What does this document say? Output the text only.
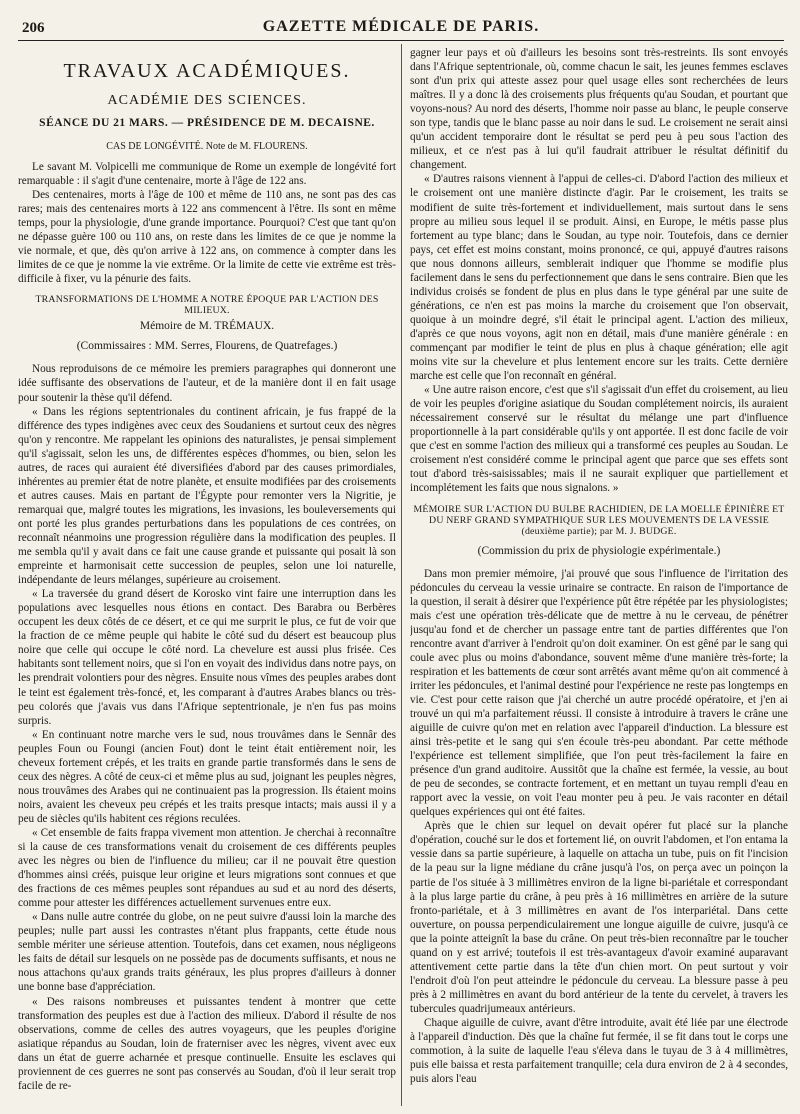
206	GAZETTE MÉDICALE DE PARIS.
TRAVAUX ACADÉMIQUES.
ACADÉMIE DES SCIENCES.
SÉANCE DU 21 MARS. — PRÉSIDENCE DE M. DECAISNE.
CAS DE LONGÉVITÉ. Note de M. FLOURENS.

Le savant M. Volpicelli me communique de Rome un exemple de longévité fort remarquable : il s'agit d'une centenaire, morte à l'âge de 122 ans.

Des centenaires, morts à l'âge de 100 et même de 110 ans, ne sont pas des cas rares; mais des centenaires morts à 122 ans commencent à l'être. Ils sont en même temps, pour la physiologie, d'une grande importance. Pourquoi? C'est que tant qu'on ne dépasse guère 100 ou 110 ans, on reste dans les limites de ce que je nomme la vie normale, et que, dès qu'on arrive à 122 ans, on commence à compter dans les limites de ce que je nomme la vie extrême. Or la limite de cette vie extrême est très-difficile à fixer, vu la pénurie des faits.

TRANSFORMATIONS DE L'HOMME A NOTRE ÉPOQUE PAR L'ACTION DES MILIEUX.
Mémoire de M. TRÉMAUX.
(Commissaires : MM. Serres, Flourens, de Quatrefages.)

Nous reproduisons de ce mémoire les premiers paragraphes qui donneront une idée suffisante des observations de l'auteur, et de la manière dont il en fait usage pour soutenir la thèse qu'il défend.

« Dans les régions septentrionales du continent africain, je fus frappé de la différence des types indigènes avec ceux des Soudaniens et surtout ceux des nègres qu'on y rencontre. Me rappelant les opinions des naturalistes, je pensai simplement qu'il s'agissait, selon les uns, de différentes espèces d'hommes, ou bien, selon les autres, de races qui auraient été diversifiées d'abord par des causes primordiales, inhérentes au premier état de notre planète, et ensuite modifiées par des croisements et autres causes. Mais en partant de l'Égypte pour remonter vers la Nigritie, je remarquai que, malgré toutes les migrations, les invasions, les bouleversements qui ont porté les plus grandes perturbations dans les populations de ces contrées, on reconnaît néanmoins une progression régulière dans la modification des peuples. Il me sembla qu'il y avait dans ce fait une cause grande et puissante qui posait là son empreinte et harmonisait cette succession de peuples, selon une loi naturelle, indépendante de leurs mélanges, supérieure au croisement.

« La traversée du grand désert de Korosko vint faire une interruption dans les populations avec lesquelles nous étions en contact. Des Barabra ou Berbères occupent les deux côtés de ce désert, et ce qui me surprit le plus, ce fut de voir que la fraction de ce même peuple qui habite le côté sud du désert est beaucoup plus noire que celle qui occupe le côté nord. La chevelure est aussi plus frisée. Ces habitants sont tellement noirs, que si l'on en voyait des individus dans notre pays, on les prendrait volontiers pour des nègres. Ensuite nous vîmes des peuples arabes dont le teint est également très-foncé, et, les comparant à d'autres Arabes blancs ou très-peu colorés que j'avais vus dans l'Afrique septentrionale, je n'en fus pas moins surpris.

« En continuant notre marche vers le sud, nous trouvâmes dans le Sennâr des peuples Foun ou Foungi (ancien Fout) dont le teint était entièrement noir, les cheveux fortement crépés, et les traits en grande partie transformés dans le sens de ceux des nègres. A côté de ceux-ci et même plus au sud, joignant les peuples nègres, nous trouvâmes des Arabes qui ne continuaient pas la progression. Ils étaient moins noirs, avaient les cheveux peu crépés et les traits presque intacts; mais aussi il y a peu de siècles qu'ils habitent ces régions reculées.

« Cet ensemble de faits frappa vivement mon attention. Je cherchai à reconnaître si la cause de ces transformations venait du croisement de ces différents peuples avec les nègres ou bien de l'influence du milieu; car il ne pouvait être question d'hommes ainsi créés, puisque leur origine et leurs migrations sont connues et que des fractions de ces mêmes peuples sont répandues au sud et au nord des déserts, comme pour attester les différences actuellement survenues entre eux.

« Dans nulle autre contrée du globe, on ne peut suivre d'aussi loin la marche des peuples; nulle part aussi les contrastes n'étant plus frappants, cette étude nous semble mériter une sérieuse attention. Toutefois, dans cet examen, nous négligeons les faits de détail sur lesquels on ne possède pas de documents suffisants, et nous ne nous attachons qu'aux grands traits généraux, les plus propres d'ailleurs à donner une bonne base d'appréciation.

« Des raisons nombreuses et puissantes tendent à montrer que cette transformation des peuples est due à l'action des milieux. D'abord il résulte de nos observations, comme de celles des autres voyageurs, que les peuples d'origine asiatique répandus au Soudan, loin de fraterniser avec les nègres, vivent avec eux dans un état de guerre acharnée et presque continuelle. Ensuite les esclaves qui proviennent de ces guerres ne sont pas conservés au Soudan, d'où il leur serait trop facile de re-

gagner leur pays et où d'ailleurs les besoins sont très-restreints. Ils sont envoyés dans l'Afrique septentrionale, où, comme chacun le sait, les jeunes femmes esclaves sont d'un prix qui atteste assez pour quel usage elles sont recherchées de leurs maîtres. Il y a donc là des croisements plus fréquents qu'au Soudan, et pourtant que voyons-nous? Au nord des déserts, l'homme noir passe au blanc, le peuple conserve son type, tandis que le blanc passe au noir dans le sud. Le croisement ne serait ainsi qu'un accident temporaire dont le résultat se perd peu à peu sous l'action des milieux, et ce n'est pas à lui qu'il faudrait attribuer le résultat définitif du changement.

« D'autres raisons viennent à l'appui de celles-ci. D'abord l'action des milieux et le croisement ont une manière distincte d'agir. Par le croisement, les traits se modifient de suite très-fortement et individuellement, mais surtout dans le sens propre au milieu sous lequel il se produit. Ainsi, en Europe, le métis passe plus fortement au type blanc; dans le Soudan, au type noir. Toutefois, dans ce dernier pays, cet effet est moins constant, moins prononcé, ce qui, appuyé d'autres raisons que nous donnons ailleurs, semblerait indiquer que l'homme se modifie plus facilement dans le sens du perfectionnement que dans le sens contraire. Bien que les individus croisés se fondent de plus en plus dans le type général par une suite de générations, ce n'en est pas moins la marche du croisement que l'on observait, quoique à un moindre degré, s'il était le principal agent. L'action des milieux, d'après ce que nous voyons, agit non en détail, mais d'une manière générale : en commençant par modifier le teint de plus en plus à chaque génération; elle agit moins vite sur la chevelure et plus lentement encore sur les traits. Cette dernière marche est celle que l'on reconnaît en général.

« Une autre raison encore, c'est que s'il s'agissait d'un effet du croisement, au lieu de voir les peuples d'origine asiatique du Soudan complétement noircis, ils auraient nécessairement conservé sur le résultat du mélange une part d'influence proportionnelle à la part considérable qu'ils y ont apportée. Il est donc facile de voir que c'est en somme l'action des milieux qui a transformé ces peuples au Soudan. Le croisement n'est considéré comme le principal agent que parce que ses effets sont tout d'abord très-saisissables; mais il ne saurait expliquer que partiellement et incomplétement les faits que nous signalons. »

MÉMOIRE SUR L'ACTION DU BULBE RACHIDIEN, DE LA MOELLE ÉPINIÈRE ET DU NERF GRAND SYMPATHIQUE SUR LES MOUVEMENTS DE LA VESSIE (deuxième partie); par M. J. BUDGE.
(Commission du prix de physiologie expérimentale.)

Dans mon premier mémoire, j'ai prouvé que sous l'influence de l'irritation des pédoncules du cerveau la vessie urinaire se contracte. En raison de l'importance de la question, il serait à désirer que l'expérience pût être répétée par les physiologistes; mais c'est une opération très-délicate que de mettre à nu le cerveau, de pénétrer jusqu'au fond et de chercher un passage entre tant de parties différentes que l'on rencontre avant d'arriver à l'endroit qu'on doit examiner. On est gêné par le sang qui coule avec plus ou moins d'abondance, souvent même d'une manière très-forte; la respiration et les battements de cœur sont arrêtés avant même qu'on ait commencé à irriter les pédoncules, et l'animal destiné pour l'expérience ne reste pas longtemps en vie. C'est pour cette raison que j'ai cherché un autre procédé opératoire, et j'en ai trouvé un qui m'a parfaitement réussi. Il consiste à introduire à travers le crâne une aiguille de cuivre qu'on met en relation avec l'appareil d'induction. La blessure est ainsi très-petite et le sang qui s'en écoule très-peu abondant. Par cette méthode l'expérience est tellement simplifiée, que l'on peut très-facilement la faire en présence d'un grand auditoire. Aussitôt que la chaîne est fermée, la vessie, au bout de peu de secondes, se contracte fortement, et en mettant un tuyau rempli d'eau en rapport avec la vessie, on voit l'eau monter peu à peu. Je vais raconter en détail quelques expériences qui ont été faites.

Après que le chien sur lequel on devait opérer fut placé sur la planche d'opération, couché sur le dos et fortement lié, on ouvrit l'abdomen, et l'on entama la vessie dans sa partie supérieure, à laquelle on attacha un tube, puis on fit l'incision de la peau sur la ligne médiane du crâne jusqu'à l'os, on perça avec un poinçon la partie de l'os située à 3 millimètres environ de la ligne bi-pariétale et correspondant à la plus large partie du crâne, à peu près à 16 millimètres en arrière de la suture fronto-pariétale, et à 3 millimètres en avant de l'os interpariétal. Dans cette ouverture, on poussa perpendiculairement une longue aiguille de cuivre, jusqu'à ce que la pointe atteignît la base du crâne. On peut très-bien reconnaître par le toucher quand on y est arrivé; toutefois il est très-avantageux d'avoir examiné auparavant attentivement cette partie dans la tête d'un chien mort. On peut surtout y voir l'endroit d'où l'on peut atteindre le pédoncule du cerveau. La blessure passe à peu près à 2 millimètres en avant du bord antérieur de la tente du cervelet, à travers les tubercules quadrijumeaux antérieurs.

Chaque aiguille de cuivre, avant d'être introduite, avait été liée par une électrode à l'appareil d'induction. Dès que la chaîne fut fermée, il se fit dans tout le corps une commotion, à la suite de laquelle l'eau s'éleva dans le tuyau de 3 à 4 millimètres, puis elle baissa et resta parfaitement tranquille; cela dura environ de 2 à 4 secondes, puis alors l'eau
